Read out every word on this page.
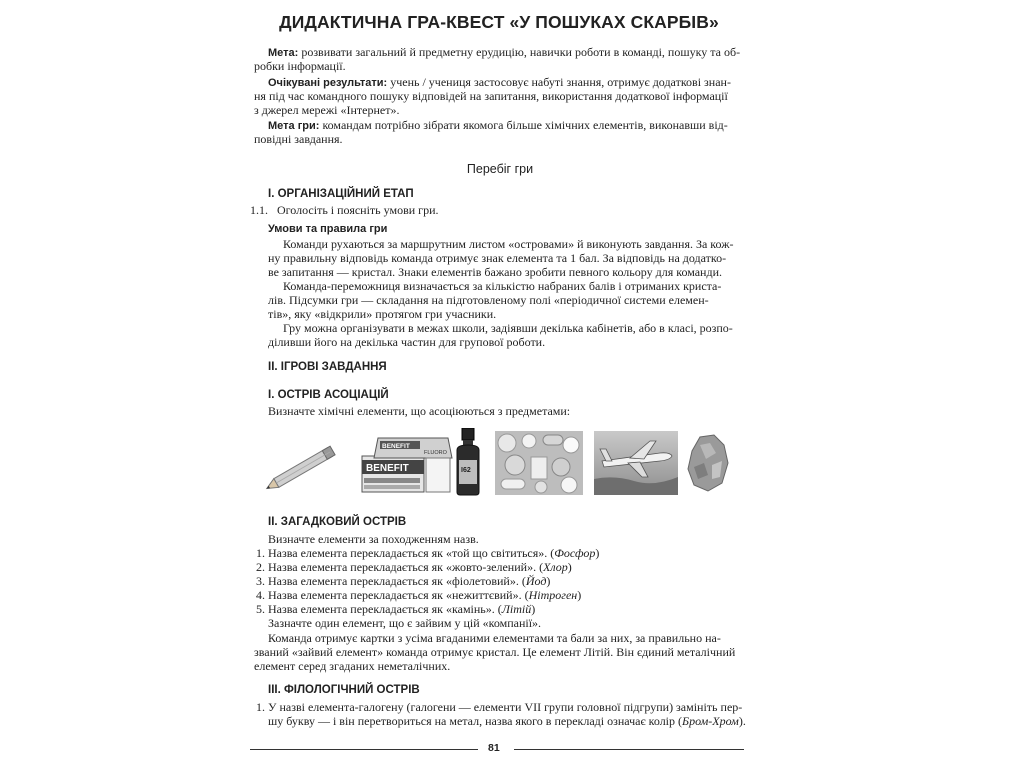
ДИДАКТИЧНА ГРА-КВЕСТ «У ПОШУКАХ СКАРБІВ»
Мета: розвивати загальний й предметну ерудицію, навички роботи в команді, пошуку та об-
робки інформації.
Очікувані результати: учень / учениця застосовує набуті знання, отримує додаткові знан-
ня під час командного пошуку відповідей на запитання, використання додаткової інформації
з джерел мережі «Інтернет».
Мета гри: командам потрібно зібрати якомога більше хімічних елементів, виконавши від-
повідні завдання.
Перебіг гри
I. ОРГАНІЗАЦІЙНИЙ ЕТАП
1.1. Оголосіть і поясніть умови гри.
Умови та правила гри
Команди рухаються за маршрутним листом «островами» й виконують завдання. За кож-
ну правильну відповідь команда отримує знак елемента та 1 бал. За відповідь на додатко-
ве запитання — кристал. Знаки елементів бажано зробити певного кольору для команди.
Команда-переможниця визначається за кількістю набраних балів і отриманих криста-
лів. Підсумки гри — складання на підготовленому полі «періодичної системи елемен-
тів», яку «відкрили» протягом гри учасники.
Гру можна організувати в межах школи, задіявши декілька кабінетів, або в класі, розпо-
діливши його на декілька частин для групової роботи.
II. ІГРОВІ ЗАВДАННЯ
I. ОСТРІВ АСОЦІАЦІЙ
Визначте хімічні елементи, що асоціюються з предметами:
BENEFIT
BENEFIT
FLUORO
I62
II. ЗАГАДКОВИЙ ОСТРІВ
Визначте елементи за походженням назв.
1. Назва елемента перекладається як «той що світиться». (Фосфор)
2. Назва елемента перекладається як «жовто-зелений». (Хлор)
3. Назва елемента перекладається як «фіолетовий». (Йод)
4. Назва елемента перекладається як «нежиттєвий». (Нітроген)
5. Назва елемента перекладається як «камінь». (Літій)
Зазначте один елемент, що є зайвим у цій «компанії».
Команда отримує картки з усіма вгаданими елементами та бали за них, за правильно на-
званий «зайвий елемент» команда отримує кристал. Це елемент Літій. Він єдиний металічний
елемент серед згаданих неметалічних.
III. ФІЛОЛОГІЧНИЙ ОСТРІВ
1. У назві елемента-галогену (галогени — елементи VII групи головної підгрупи) замініть пер-
шу букву — і він перетвориться на метал, назва якого в перекладі означає колір (Бром-Хром).
81
